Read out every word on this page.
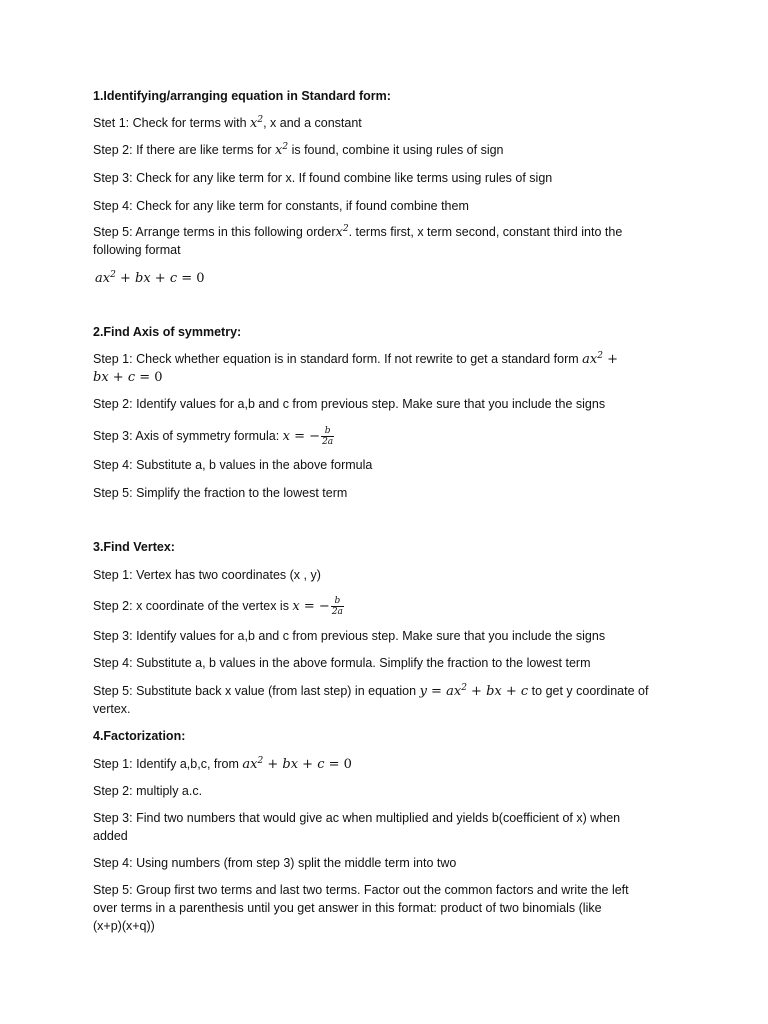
1.Identifying/arranging equation in Standard form:
Stet 1: Check for terms with $x^2$, x and a constant
Step 2: If there are like terms for $x^2$ is found, combine it using rules of sign
Step 3: Check for any like term for x. If found combine like terms using rules of sign
Step 4: Check for any like term for constants, if found combine them
Step 5: Arrange terms in this following orderx$^2$. terms first, x term second, constant third into the
following format
$ax^2$ + bx + c = 0
2.Find Axis of symmetry:
Step 1: Check whether equation is in standard form. If not rewrite to get a standard form $ax^2$ +
bx + c = 0
Step 2: Identify values for a,b and c from previous step. Make sure that you include the signs
Step 3: Axis of symmetry formula: x = − $\frac{b}{2a}$
Step 4: Substitute a, b values in the above formula
Step 5: Simplify the fraction to the lowest term
3.Find Vertex:
Step 1: Vertex has two coordinates (x , y)
Step 2: x coordinate of the vertex is x = − $\frac{b}{2a}$
Step 3: Identify values for a,b and c from previous step. Make sure that you include the signs
Step 4: Substitute a, b values in the above formula. Simplify the fraction to the lowest term
Step 5: Substitute back x value (from last step) in equation $y = ax^2$ + bx + c to get y coordinate of
vertex.
4.Factorization:
Step 1: Identify a,b,c, from $ax^2$ + bx + c = 0
Step 2: multiply a.c.
Step 3: Find two numbers that would give ac when multiplied and yields b(coefficient of x) when
added
Step 4: Using numbers (from step 3) split the middle term into two
Step 5: Group first two terms and last two terms. Factor out the common factors and write the left
over terms in a parenthesis until you get answer in this format: product of two binomials (like
(x+p)(x+q))
